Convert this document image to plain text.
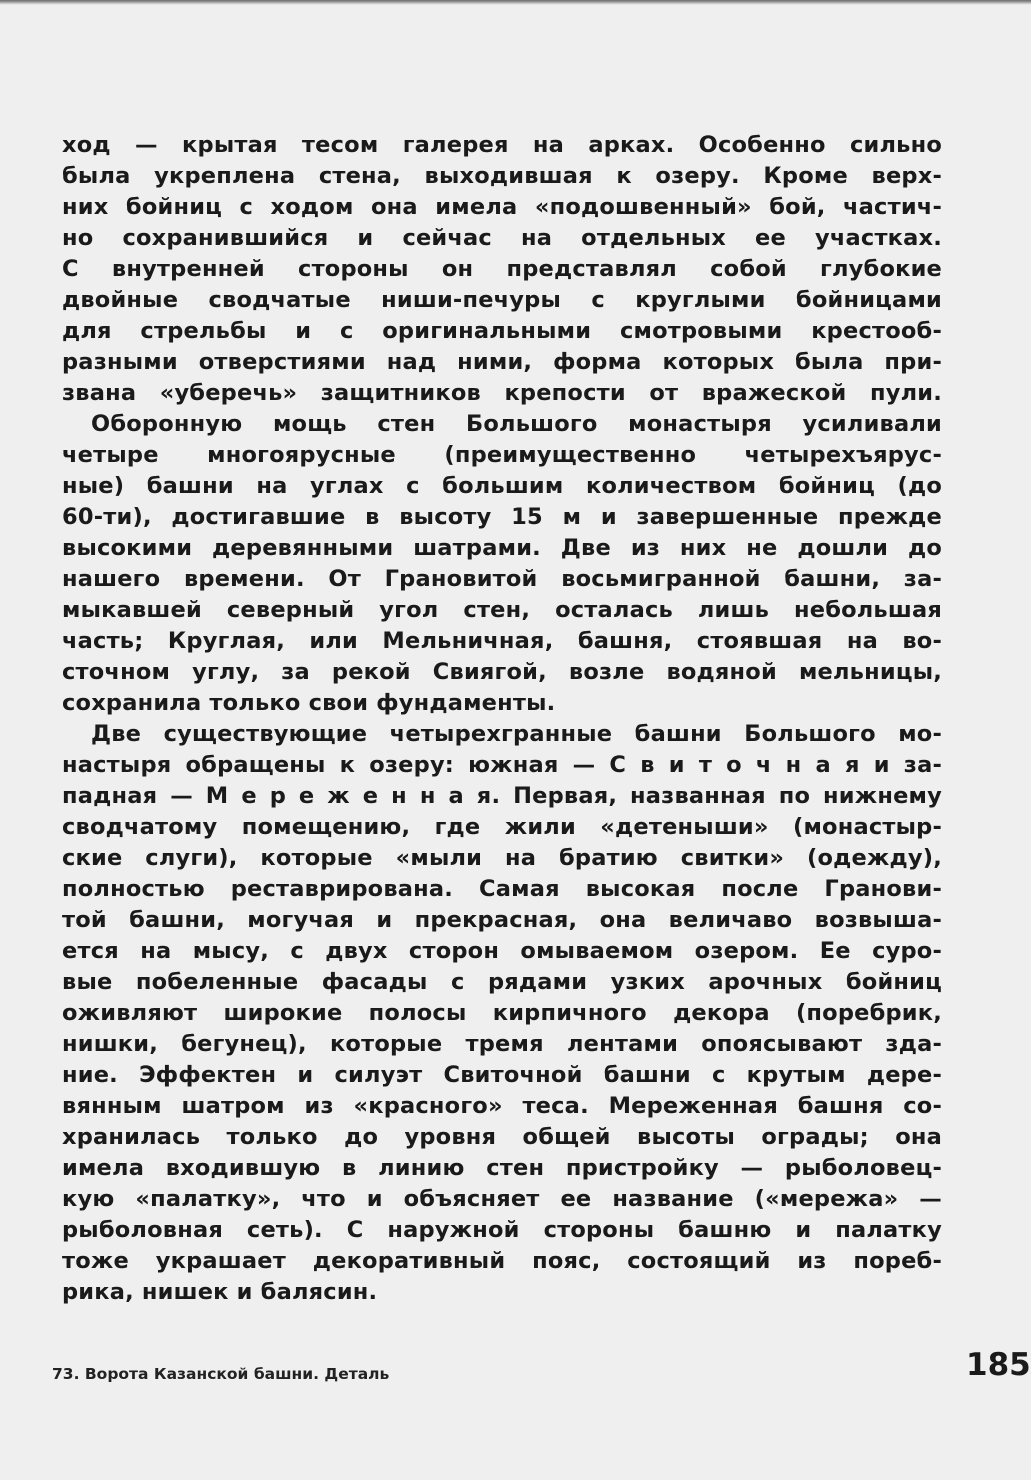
ход — крытая тесом галерея на арках. Особенно сильно
была укреплена стена, выходившая к озеру. Кроме верх-
них бойниц с ходом она имела «подошвенный» бой, частич-
но сохранившийся и сейчас на отдельных ее участках.
С внутренней стороны он представлял собой глубокие
двойные сводчатые ниши-печуры с круглыми бойницами
для стрельбы и с оригинальными смотровыми крестооб-
разными отверстиями над ними, форма которых была при-
звана «уберечь» защитников крепости от вражеской пули.
Оборонную мощь стен Большого монастыря усиливали
четыре многоярусные (преимущественно четырехъярус-
ные) башни на углах с большим количеством бойниц (до
60-ти), достигавшие в высоту 15 м и завершенные прежде
высокими деревянными шатрами. Две из них не дошли до
нашего времени. От Грановитой восьмигранной башни, за-
мыкавшей северный угол стен, осталась лишь небольшая
часть; Круглая, или Мельничная, башня, стоявшая на во-
сточном углу, за рекой Свиягой, возле водяной мельницы,
сохранила только свои фундаменты.
Две существующие четырехгранные башни Большого мо-
настыря обращены к озеру: южная — С в и т о ч н а я и за-
падная — М е р е ж е н н а я. Первая, названная по нижнему
сводчатому помещению, где жили «детеныши» (монастыр-
ские слуги), которые «мыли на братию свитки» (одежду),
полностью реставрирована. Самая высокая после Гранови-
той башни, могучая и прекрасная, она величаво возвыша-
ется на мысу, с двух сторон омываемом озером. Ее суро-
вые побеленные фасады с рядами узких арочных бойниц
оживляют широкие полосы кирпичного декора (поребрик,
нишки, бегунец), которые тремя лентами опоясывают зда-
ние. Эффектен и силуэт Свиточной башни с крутым дере-
вянным шатром из «красного» теса. Мереженная башня со-
хранилась только до уровня общей высоты ограды; она
имела входившую в линию стен пристройку — рыболовец-
кую «палатку», что и объясняет ее название («мережа» —
рыболовная сеть). С наружной стороны башню и палатку
тоже украшает декоративный пояс, состоящий из пореб-
рика, нишек и балясин.
73. Ворота Казанской башни. Деталь	185
